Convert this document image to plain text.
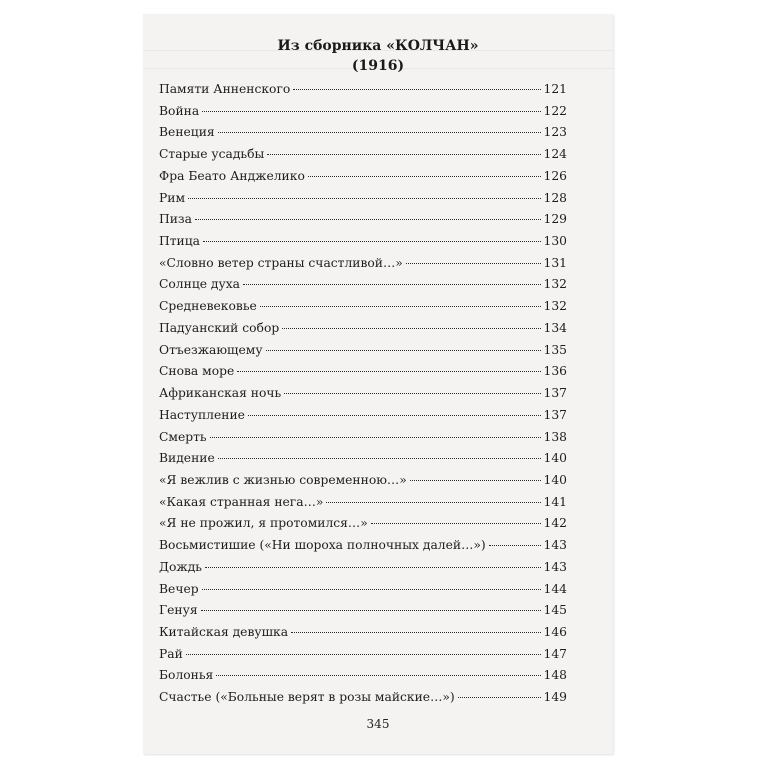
Из сборника «КОЛЧАН»
(1916)
Памяти Анненского	121
Война	122
Венеция	123
Старые усадьбы	124
Фра Беато Анджелико	126
Рим	128
Пиза	129
Птица	130
«Словно ветер страны счастливой…»	131
Солнце духа	132
Средневековье	132
Падуанский собор	134
Отъезжающему	135
Снова море	136
Африканская ночь	137
Наступление	137
Смерть	138
Видение	140
«Я вежлив с жизнью современною…»	140
«Какая странная нега…»	141
«Я не прожил, я протомился…»	142
Восьмистишие («Ни шороха полночных далей…»)	143
Дождь	143
Вечер	144
Генуя	145
Китайская девушка	146
Рай	147
Болонья	148
Счастье («Больные верят в розы майские…»)	149
345
